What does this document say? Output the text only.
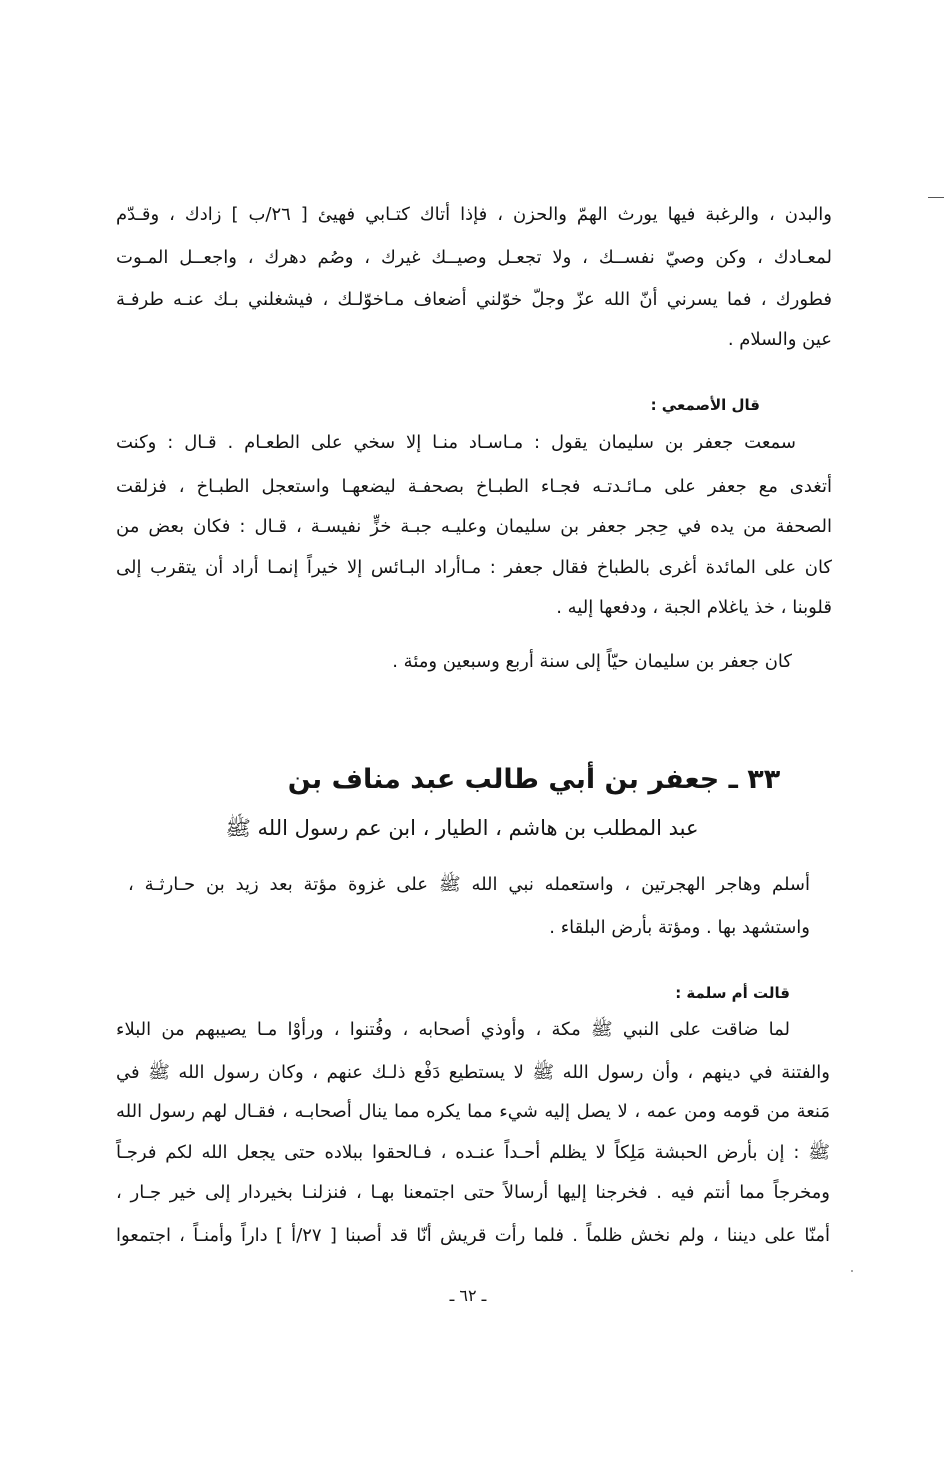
والبدن ، والرغبة فيها يورث الهمّ والحزن ، فإذا أتاك كتـابي فهيئ [ ٢٦/ب ] زادك ، وقـدّم
لمعـادك ، وكن وصيّ نفســك ، ولا تجعـل وصيــك غيرك ، وصُم دهرك ، واجعــل المـوت
فطورك ، فما يسرني أنّ الله عزّ وجلّ خوّلني أضعاف مـاخوّلـك ، فيشغلني بـك عنـه طرفـة
عين والسلام .
قال الأصمعي :
سمعت جعفر بن سليمان يقول : مـاسـاد منـا إلا سخي على الطعـام . قـال : وكنت
أتغدى مع جعفر على مـائـدتـه فجـاء الطبـاخ بصحفـة ليضعهـا واستعجل الطبـاخ ، فزلقت
الصحفة من يده في حِجر جعفر بن سليمان وعليـه جبـة خزٍّ نفيسـة ، قـال : فكان بعض من
كان على المائدة أغرى بالطباخ فقال جعفر : مـاأراد البـائس إلا خيراً إنمـا أراد أن يتقرب إلى
قلوبنا ، خذ ياغلام الجبة ، ودفعها إليه .
كان جعفر بن سليمان حيّاً إلى سنة أربع وسبعين ومئة .
٣٣ ـ جعفر بن أبي طالب عبد مناف بن
عبد المطلب بن هاشم ، الطيار ، ابن عم رسول الله ﷺ
أسلم وهاجر الهجرتين ، واستعمله نبي الله ﷺ على غزوة مؤتة بعد زيد بن حـارثـة ،
واستشهد بها . ومؤتة بأرض البلقاء .
قالت أم سلمة :
لما ضاقت على النبي ﷺ مكة ، وأوذي أصحابه ، وفُتنوا ، ورأوْا مـا يصيبهم من البلاء
والفتنة في دينهم ، وأن رسول الله ﷺ لا يستطيع دَفْع ذلـك عنهم ، وكان رسول الله ﷺ في
مَنعة من قومه ومن عمه ، لا يصل إليه شيء مما يكره مما ينال أصحابـه ، فقـال لهم رسول الله
ﷺ : إن بأرض الحبشة مَلِكاً لا يظلم أحـداً عنـده ، فـالحقوا ببلاده حتى يجعل الله لكم فرجـاً
ومخرجاً مما أنتم فيه . فخرجنا إليها أرسالاً حتى اجتمعنا بهـا ، فنزلنـا بخيردار إلى خير جـار ،
أمنّا على ديننا ، ولم نخش ظلماً . فلما رأت قريش أنّا قد أصبنا [ ٢٧/أ ] داراً وأمنـاً ، اجتمعوا
ـ ٦٢ ـ
